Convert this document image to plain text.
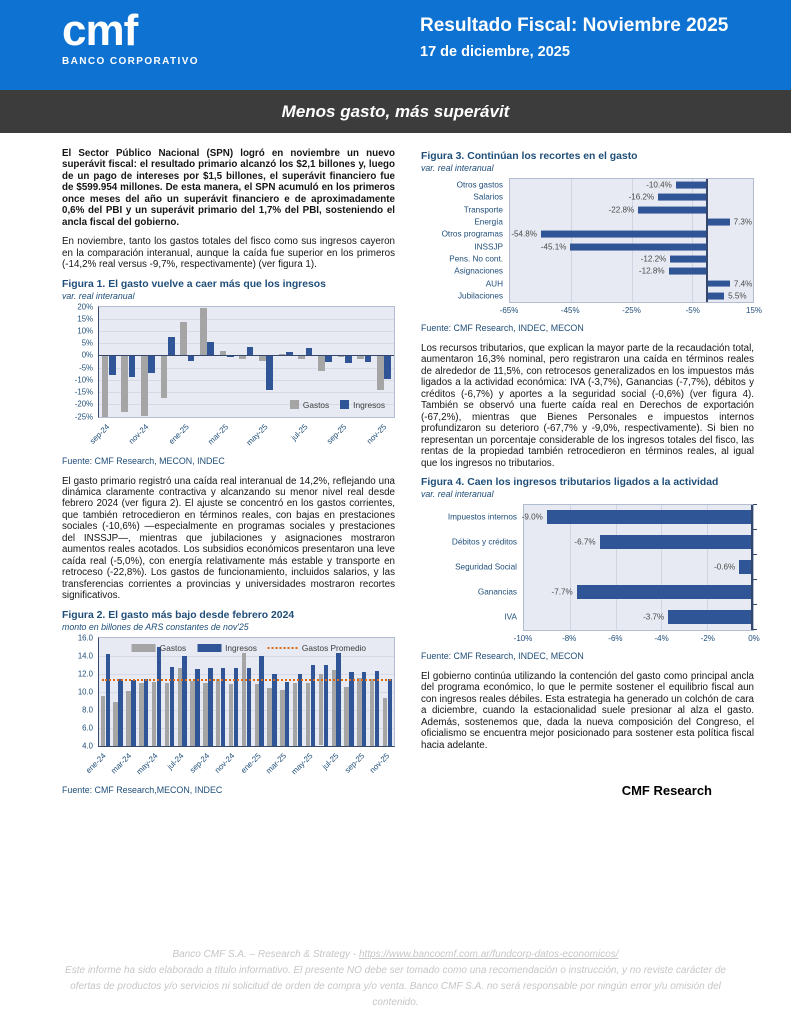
cmf
BANCO CORPORATIVO
Resultado Fiscal: Noviembre 2025
17 de diciembre, 2025
Menos gasto, más superávit

El Sector Público Nacional (SPN) logró en noviembre un nuevo superávit fiscal: el resultado primario alcanzó los $2,1 billones y, luego de un pago de intereses por $1,5 billones, el superávit financiero fue de $599.954 millones. De esta manera, el SPN acumuló en los primeros once meses del año un superávit financiero e de aproximadamente 0,6% del PBI y un superávit primario del 1,7% del PBI, sosteniendo el ancla fiscal del gobierno.

En noviembre, tanto los gastos totales del fisco como sus ingresos cayeron en la comparación interanual, aunque la caída fue superior en los primeros (-14,2% real versus -9,7%, respectivamente) (ver figura 1).

Figura 1. El gasto vuelve a caer más que los ingresos
var. real interanual
20%
15%
10%
5%
0%
-5%
-10%
-15%
-20%
-25%
Gastos	Ingresos
sep-24 nov-24 ene-25 mar-25 may-25 jul-25 sep-25 nov-25
Fuente: CMF Research, MECON, INDEC

El gasto primario registró una caída real interanual de 14,2%, reflejando una dinámica claramente contractiva y alcanzando su menor nivel real desde febrero 2024 (ver figura 2). El ajuste se concentró en los gastos corrientes, que también retrocedieron en términos reales, con bajas en prestaciones sociales (-10,6%) —especialmente en programas sociales y prestaciones del INSSJP—, mientras que jubilaciones y asignaciones mostraron aumentos reales acotados. Los subsidios económicos presentaron una leve caída real (-5,0%), con energía relativamente más estable y transporte en retroceso (-22,8%). Los gastos de funcionamiento, incluidos salarios, y las transferencias corrientes a provincias y universidades mostraron recortes significativos.

Figura 2. El gasto más bajo desde febrero 2024
monto en billones de ARS constantes de nov'25
16.0
14.0
12.0
10.0
8.0
6.0
4.0
Gastos	Ingresos	Gastos Promedio
ene-24 mar-24 may-24 jul-24 sep-24 nov-24 ene-25 mar-25 may-25 jul-25 sep-25 nov-25
Fuente: CMF Research,MECON, INDEC
Figura 3. Continúan los recortes en el gasto
var. real interanual
Otros gastos	-10.4%
Salarios	-16.2%
Transporte	-22.8%
Energía	7.3%
Otros programas -54.8%
INSSJP	-45.1%
Pens. No cont.	-12.2%
Asignaciones	-12.8%
AUH	7.4%
Jubilaciones	5.5%
-65%	-45%	-25%	-5%	15%
Fuente: CMF Research, INDEC, MECON

Los recursos tributarios, que explican la mayor parte de la recaudación total, aumentaron 16,3% nominal, pero registraron una caída en términos reales de alrededor de 11,5%, con retrocesos generalizados en los impuestos más ligados a la actividad económica: IVA (-3,7%), Ganancias (-7,7%), débitos y créditos (-6,7%) y aportes a la seguridad social (-0,6%) (ver figura 4). También se observó una fuerte caída real en Derechos de exportación (-67,2%), mientras que Bienes Personales e impuestos internos profundizaron su deterioro (-67,7% y -9,0%, respectivamente). Si bien no representan un porcentaje considerable de los ingresos totales del fisco, las rentas de la propiedad también retrocedieron en términos reales, al igual que los ingresos no tributarios.

Figura 4. Caen los ingresos tributarios ligados a la actividad
var. real interanual
Impuestos internos -9.0%
Débitos y créditos	-6.7%
Seguridad Social	-0.6%
Ganancias	-7.7%
IVA	-3.7%
-10%	-8%	-6%	-4%	-2%	0%
Fuente: CMF Research, INDEC, MECON

El gobierno continúa utilizando la contención del gasto como principal ancla del programa económico, lo que le permite sostener el equilibrio fiscal aun con ingresos reales débiles. Esta estrategia ha generado un colchón de cara a diciembre, cuando la estacionalidad suele presionar al alza el gasto. Además, sostenemos que, dada la nueva composición del Congreso, el oficialismo se encuentra mejor posicionado para sostener esta política fiscal hacia adelante.

CMF Research
Banco CMF S.A. – Research & Strategy - https://www.bancocmf.com.ar/fundcorp-datos-economicos/
Este informe ha sido elaborado a título informativo. El presente NO debe ser tomado como una recomendación o instrucción, y no reviste carácter de ofertas de productos y/o servicios ni solicitud de orden de compra y/o venta. Banco CMF S.A. no será responsable por ningún error y/u omisión del contenido.
